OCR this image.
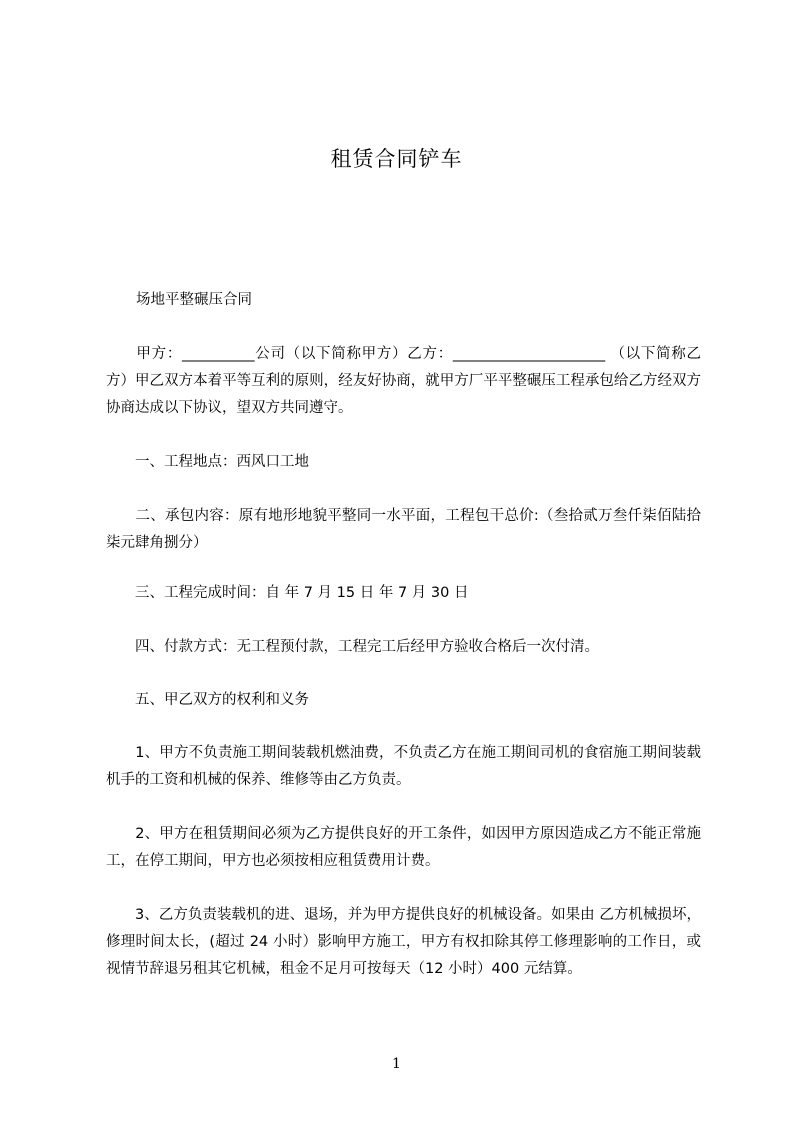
租赁合同铲车

场地平整碾压合同

　　甲方：__________公司（以下简称甲方）乙方：_____________________ （以下简称乙方）甲乙双方本着平等互利的原则，经友好协商，就甲方厂平平整碾压工程承包给乙方经双方协商达成以下协议，望双方共同遵守。

　　一、工程地点：西风口工地

　　二、承包内容：原有地形地貌平整同一水平面，工程包干总价:（叁拾贰万叁仟柒佰陆拾柒元肆角捌分）

　　三、工程完成时间：自 年 7 月 15 日 年 7 月 30 日

　　四、付款方式：无工程预付款，工程完工后经甲方验收合格后一次付清。

　　五、甲乙双方的权利和义务

　　1、甲方不负责施工期间装载机燃油费，不负责乙方在施工期间司机的食宿施工期间装载机手的工资和机械的保养、维修等由乙方负责。

　　2、甲方在租赁期间必须为乙方提供良好的开工条件，如因甲方原因造成乙方不能正常施工，在停工期间，甲方也必须按相应租赁费用计费。

　　3、乙方负责装载机的进、退场，并为甲方提供良好的机械设备。如果由 乙方机械损坏，修理时间太长，(超过 24 小时）影响甲方施工，甲方有权扣除其停工修理影响的工作日，或视情节辞退另租其它机械，租金不足月可按每天（12 小时）400 元结算。

1
